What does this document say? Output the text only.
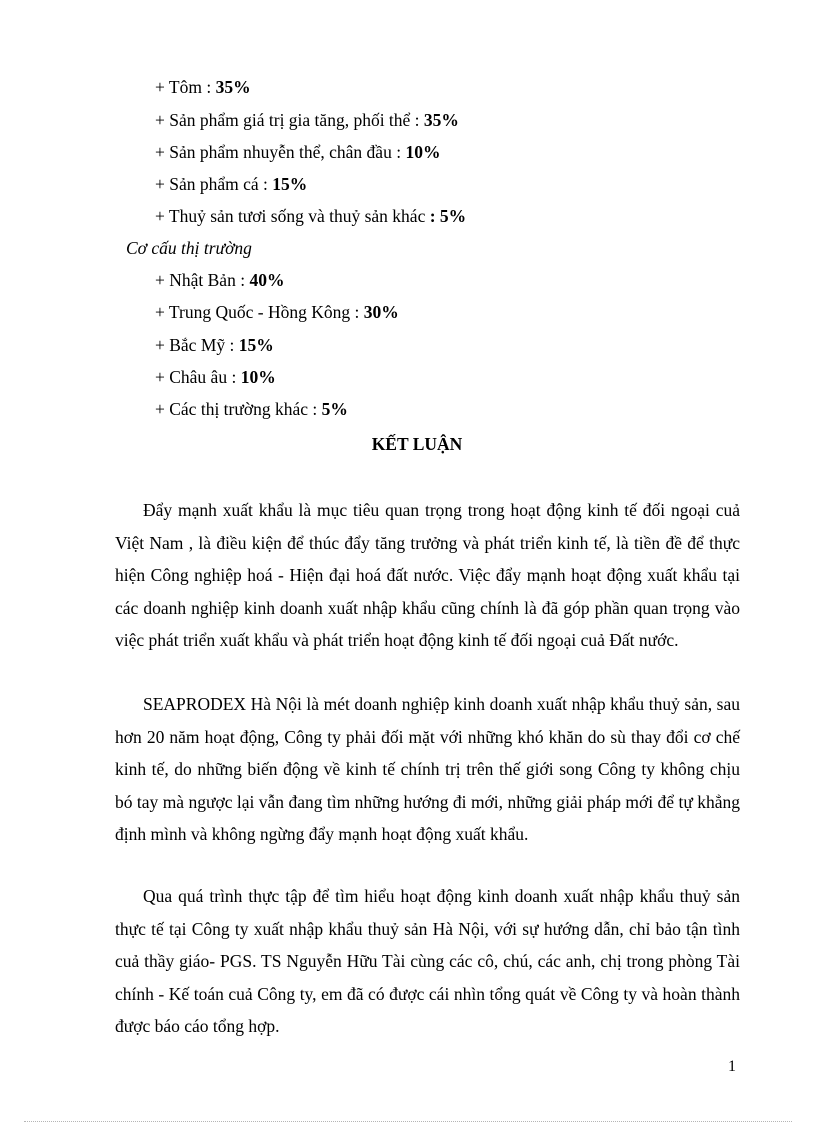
+ Tôm : 35%
+ Sản phẩm giá trị gia tăng, phối thể : 35%
+ Sản phẩm nhuyễn thể, chân đầu : 10%
+ Sản phẩm cá : 15%
+ Thuỷ sản tươi sống và thuỷ sản khác : 5%
Cơ cấu thị trường
+ Nhật Bản : 40%
+ Trung Quốc - Hồng Kông : 30%
+ Bắc Mỹ : 15%
+ Châu âu : 10%
+ Các thị trường khác : 5%
KẾT LUẬN

Đẩy mạnh xuất khẩu là mục tiêu quan trọng trong hoạt động kinh tế đối ngoại cuả Việt Nam , là điều kiện để thúc đẩy tăng trưởng và phát triển kinh tế, là tiền đề để thực hiện Công nghiệp hoá - Hiện đại hoá đất nước. Việc đẩy mạnh hoạt động xuất khẩu tại các doanh nghiệp kinh doanh xuất nhập khẩu cũng chính là đã góp phần quan trọng vào việc phát triển xuất khẩu và phát triển hoạt động kinh tế đối ngoại cuả Đất nước.

SEAPRODEX Hà Nội là mét doanh nghiệp kinh doanh xuất nhập khẩu thuỷ sản, sau hơn 20 năm hoạt động, Công ty phải đối mặt với những khó khăn do sù thay đổi cơ chế kinh tế, do những biến động về kinh tế chính trị trên thế giới song Công ty không chịu bó tay mà ngược lại vẫn đang tìm những hướng đi mới, những giải pháp mới để tự khẳng định mình và không ngừng đẩy mạnh hoạt động xuất khẩu.

Qua quá trình thực tập để tìm hiểu hoạt động kinh doanh xuất nhập khẩu thuỷ sản thực tế tại Công ty xuất nhập khẩu thuỷ sản Hà Nội, với sự hướng dẫn, chỉ bảo tận tình cuả thầy giáo- PGS. TS Nguyễn Hữu Tài cùng các cô, chú, các anh, chị trong phòng Tài chính - Kế toán cuả Công ty, em đã có được cái nhìn tổng quát về Công ty và hoàn thành được báo cáo tổng hợp.

1
